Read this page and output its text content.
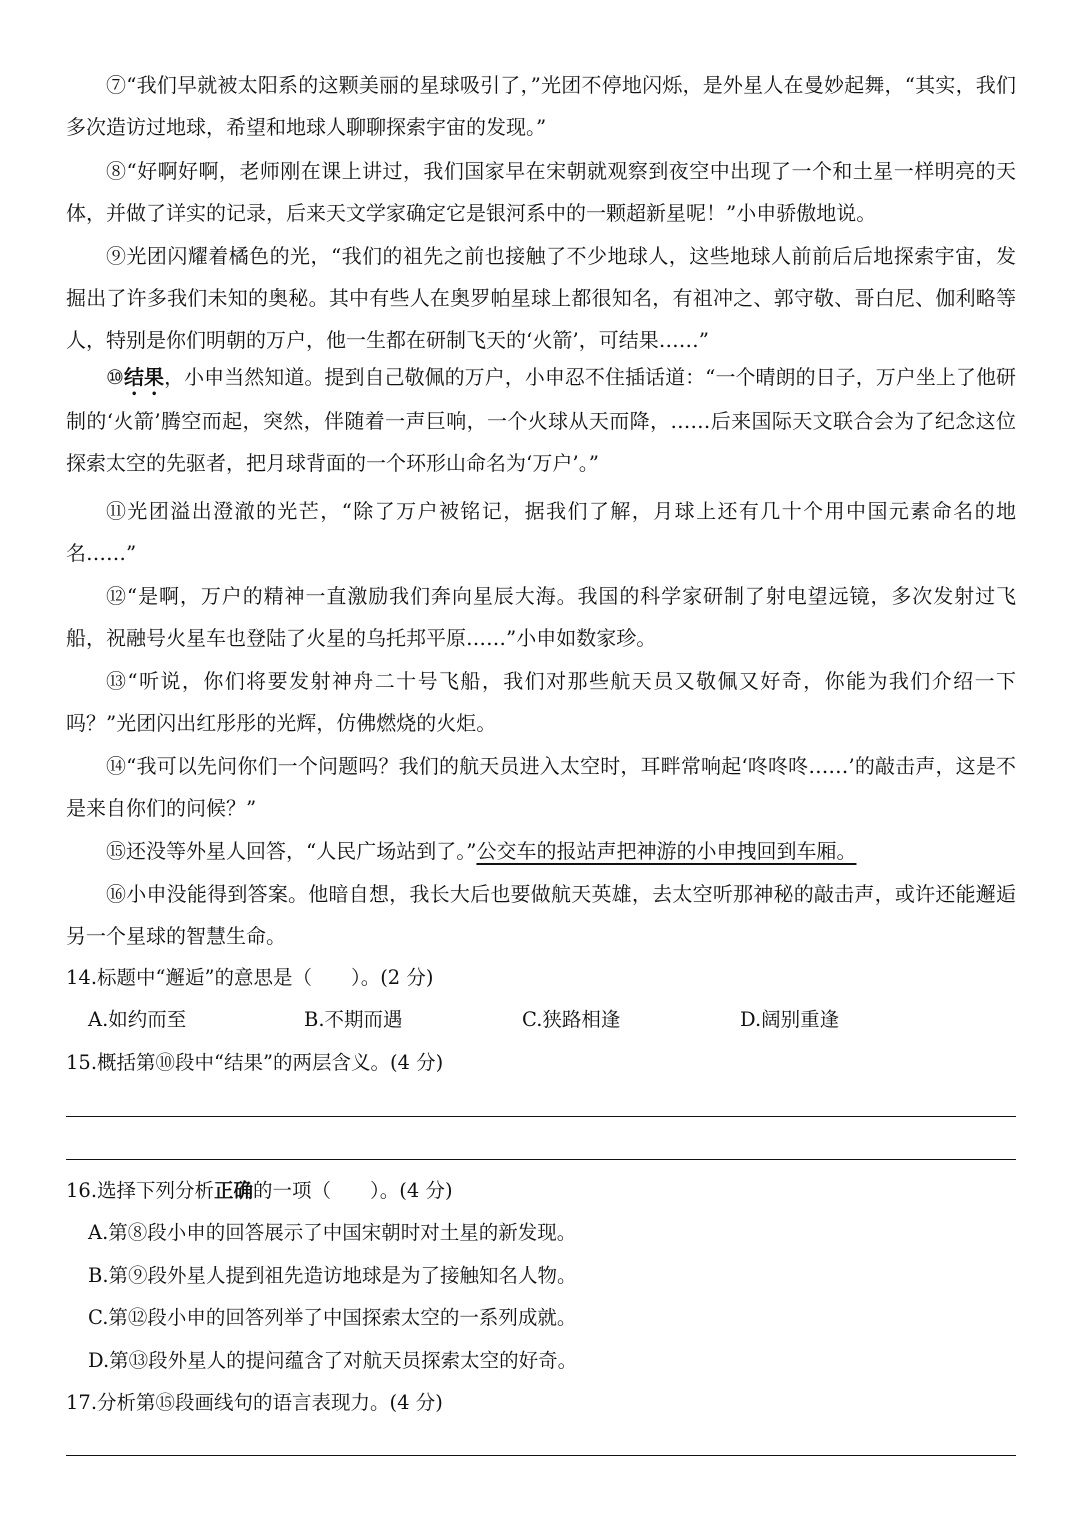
⑦“我们早就被太阳系的这颗美丽的星球吸引了，”光团不停地闪烁，是外星人在曼妙起舞，“其实，我们多次造访过地球，希望和地球人聊聊探索宇宙的发现。”

⑧“好啊好啊，老师刚在课上讲过，我们国家早在宋朝就观察到夜空中出现了一个和土星一样明亮的天体，并做了详实的记录，后来天文学家确定它是银河系中的一颗超新星呢！”小申骄傲地说。

⑨光团闪耀着橘色的光，“我们的祖先之前也接触了不少地球人，这些地球人前前后后地探索宇宙，发掘出了许多我们未知的奥秘。其中有些人在奥罗帕星球上都很知名，有祖冲之、郭守敬、哥白尼、伽利略等人，特别是你们明朝的万户，他一生都在研制飞天的‘火箭’，可结果……”

⑩结果，小申当然知道。提到自己敬佩的万户，小申忍不住插话道：“一个晴朗的日子，万户坐上了他研制的‘火箭’腾空而起，突然，伴随着一声巨响，一个火球从天而降，……后来国际天文联合会为了纪念这位探索太空的先驱者，把月球背面的一个环形山命名为‘万户’。”

⑪光团溢出澄澈的光芒，“除了万户被铭记，据我们了解，月球上还有几十个用中国元素命名的地名……”

⑫“是啊，万户的精神一直激励我们奔向星辰大海。我国的科学家研制了射电望远镜，多次发射过飞船，祝融号火星车也登陆了火星的乌托邦平原……”小申如数家珍。

⑬“听说，你们将要发射神舟二十号飞船，我们对那些航天员又敬佩又好奇，你能为我们介绍一下吗？”光团闪出红彤彤的光辉，仿佛燃烧的火炬。

⑭“我可以先问你们一个问题吗？我们的航天员进入太空时，耳畔常响起‘咚咚咚……’的敲击声，这是不是来自你们的问候？”

⑮还没等外星人回答，“人民广场站到了。”公交车的报站声把神游的小申拽回到车厢。

⑯小申没能得到答案。他暗自想，我长大后也要做航天英雄，去太空听那神秘的敲击声，或许还能邂逅另一个星球的智慧生命。

14.标题中“邂逅”的意思是（　　）。(2 分)

A.如约而至	B.不期而遇	C.狭路相逢	D.阔别重逢

15.概括第⑩段中“结果”的两层含义。(4 分)

16.选择下列分析正确的一项（　　）。(4 分)

A.第⑧段小申的回答展示了中国宋朝时对土星的新发现。
B.第⑨段外星人提到祖先造访地球是为了接触知名人物。
C.第⑫段小申的回答列举了中国探索太空的一系列成就。
D.第⑬段外星人的提问蕴含了对航天员探索太空的好奇。

17.分析第⑮段画线句的语言表现力。(4 分)
